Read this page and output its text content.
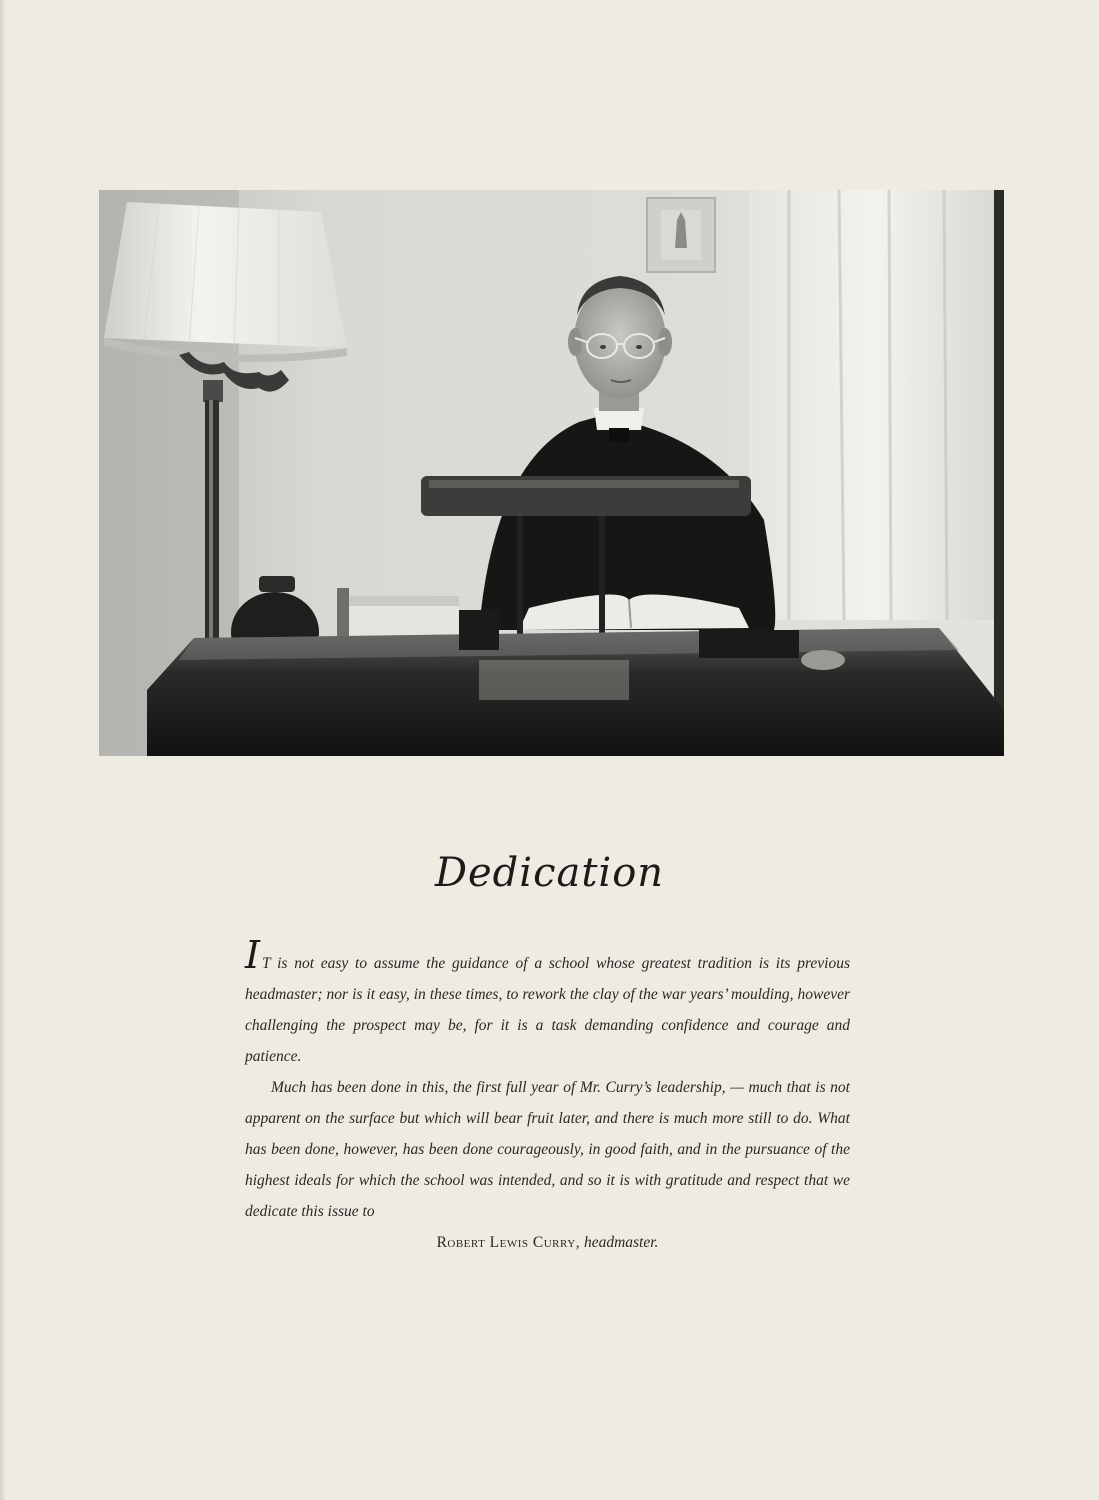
Dedication

I T is not easy to assume the guidance of a school whose greatest tradition is its previous headmaster; nor is it easy, in these times, to rework the clay of the war years’ moulding, however challenging the prospect may be, for it is a task demanding confidence and courage and patience.

Much has been done in this, the first full year of Mr. Curry’s leadership, — much that is not apparent on the surface but which will bear fruit later, and there is much more still to do. What has been done, however, has been done courageously, in good faith, and in the pursuance of the highest ideals for which the school was intended, and so it is with gratitude and respect that we dedicate this issue to

Robert Lewis Curry, headmaster.
